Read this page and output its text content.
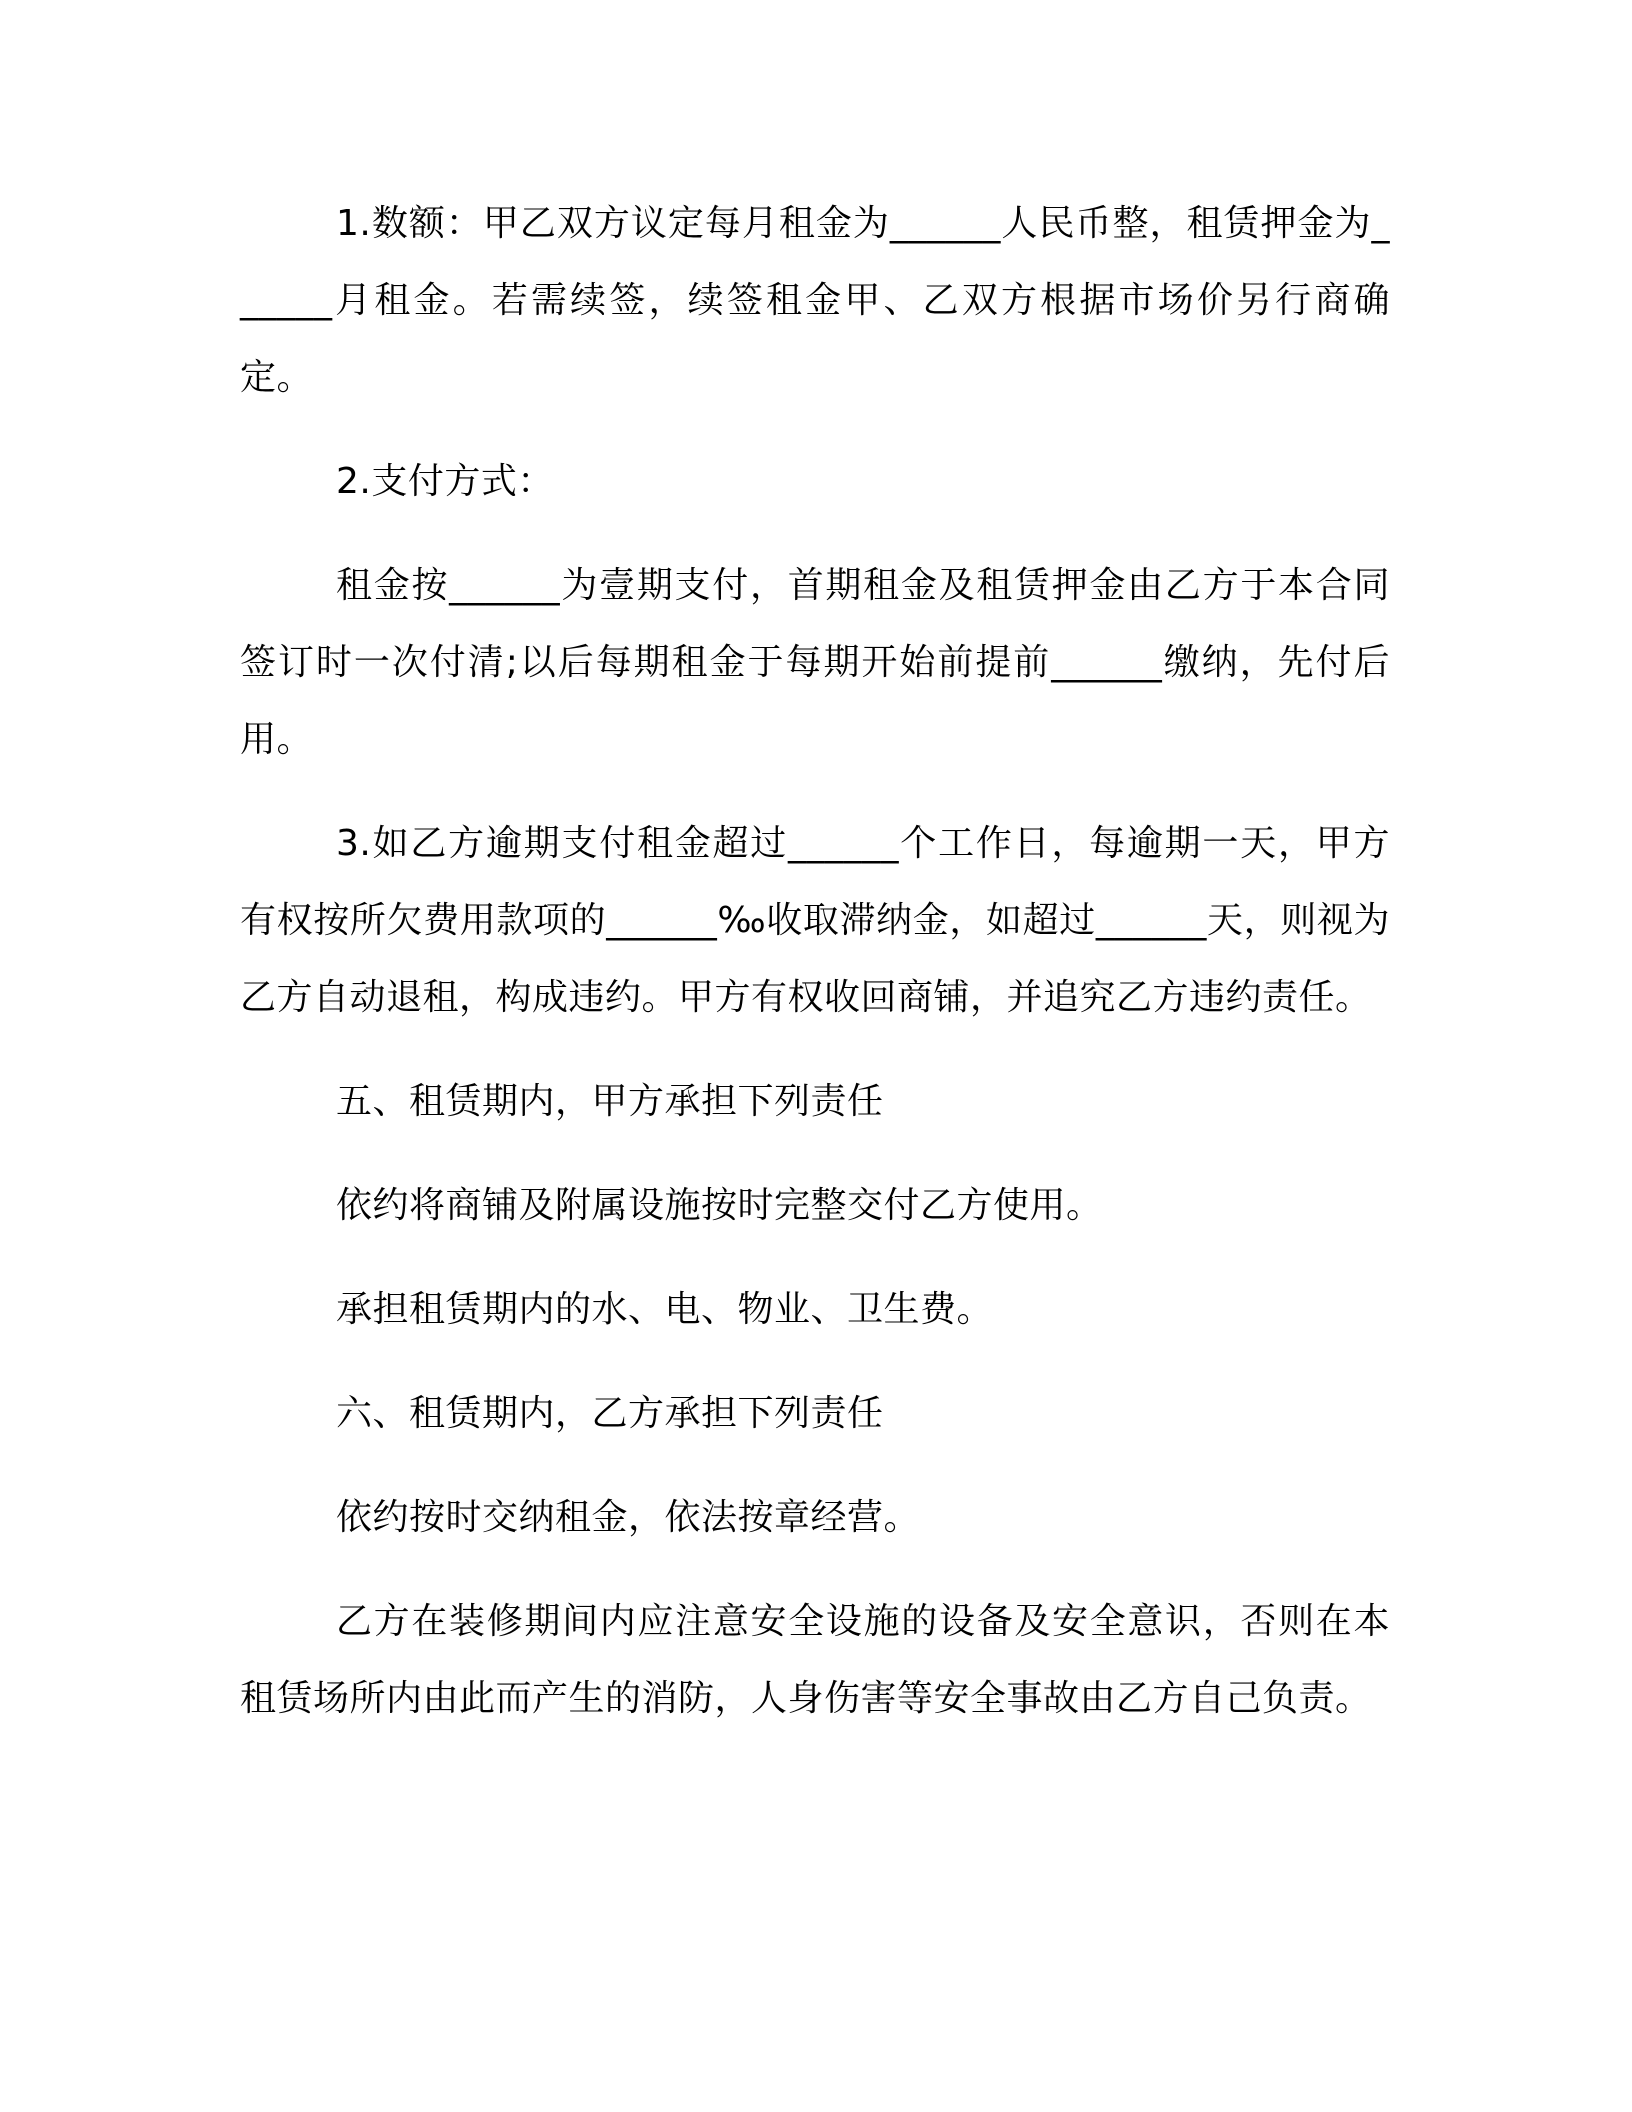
1.数额：甲乙双方议定每月租金为______人民币整，租赁押金为______月租金。若需续签，续签租金甲、乙双方根据市场价另行商确定。

2.支付方式：

租金按______为壹期支付，首期租金及租赁押金由乙方于本合同签订时一次付清;以后每期租金于每期开始前提前______缴纳，先付后用。

3.如乙方逾期支付租金超过______个工作日，每逾期一天，甲方有权按所欠费用款项的______‰收取滞纳金，如超过______天，则视为乙方自动退租，构成违约。甲方有权收回商铺，并追究乙方违约责任。

五、租赁期内，甲方承担下列责任

依约将商铺及附属设施按时完整交付乙方使用。

承担租赁期内的水、电、物业、卫生费。

六、租赁期内，乙方承担下列责任

依约按时交纳租金，依法按章经营。

乙方在装修期间内应注意安全设施的设备及安全意识，否则在本租赁场所内由此而产生的消防，人身伤害等安全事故由乙方自己负责。
